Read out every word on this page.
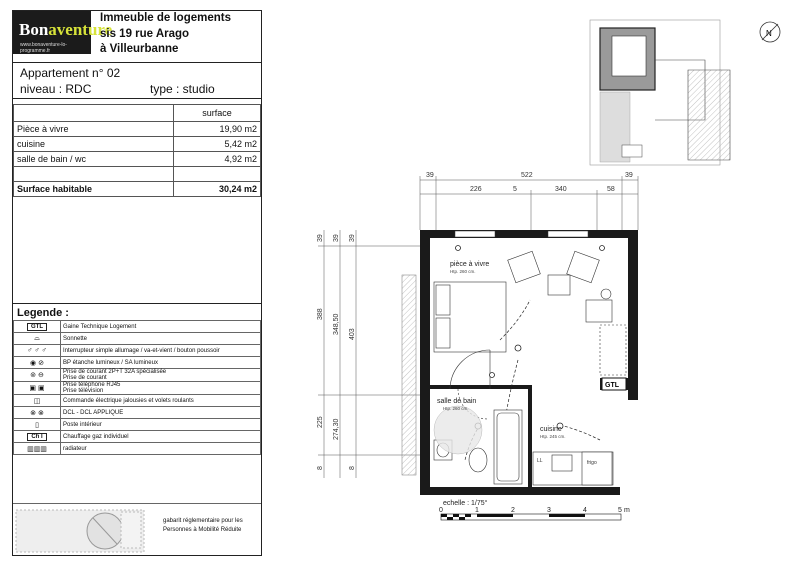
Bonaventure
www.bonaventure-lo-programme.fr
Immeuble de logements
sis 19 rue Arago
à Villeurbanne
Appartement n° 02
niveau : RDC	type : studio
	surface
Pièce à vivre	19,90 m2
cuisine	5,42 m2
salle de bain / wc	4,92 m2

Surface habitable	30,24 m2
Legende :
GTL	Gaine Technique Logement
⌓	Sonnette
♂ ♂ ♂	Interrupteur simple allumage / va-et-vient / bouton poussoir
◉ ⊘	BP étanche lumineux / SA lumineux
⊚ ⊖	Prise de courant 2P+T 32A spécialisée
Prise de courant

▣ ▣	Prise téléphone RJ45
Prise télévision

◫	Commande électrique jalousies et volets roulants
⊗ ⊗	DCL - DCL APPLIQUE
▯	Poste intérieur
Ch I	Chauffage gaz individuel
▥▥▥	radiateur
gabarit réglementaire pour les
Personnes à Mobilité Réduite
N
39	522	39
226	5	340	58
39
388
225
8
39
348,50
274,30
39
403
8
frigo
LL
GTL
pièce à vivre
Htp. 260 cm.
salle de bain
Htp. 260 cm.
cuisine
Htp. 245 cm.
echelle : 1/75°
0	1	2	3	4	5 m
